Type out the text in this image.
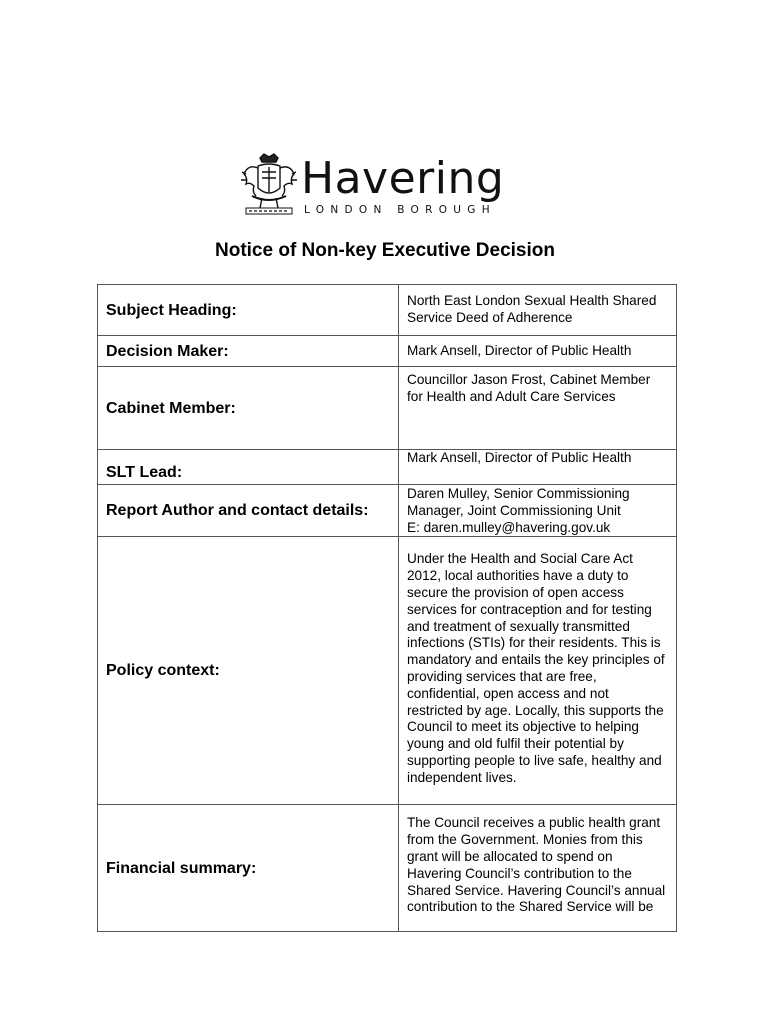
Havering
LONDON BOROUGH
Notice of Non-key Executive Decision
Subject Heading:	North East London Sexual Health Shared Service Deed of Adherence
Decision Maker:	Mark Ansell, Director of Public Health
Cabinet Member:	Councillor Jason Frost, Cabinet Member for Health and Adult Care Services
SLT Lead:	Mark Ansell, Director of Public Health
Report Author and contact details:	Daren Mulley, Senior Commissioning Manager, Joint Commissioning Unit
E: daren.mulley@havering.gov.uk

Policy context:	Under the Health and Social Care Act 2012, local authorities have a duty to secure the provision of open access services for contraception and for testing and treatment of sexually transmitted infections (STIs) for their residents. This is mandatory and entails the key principles of providing services that are free, confidential, open access and not restricted by age. Locally, this supports the Council to meet its objective to helping young and old fulfil their potential by supporting people to live safe, healthy and independent lives.
Financial summary:	The Council receives a public health grant from the Government. Monies from this grant will be allocated to spend on Havering Council’s contribution to the Shared Service. Havering Council’s annual contribution to the Shared Service will be
